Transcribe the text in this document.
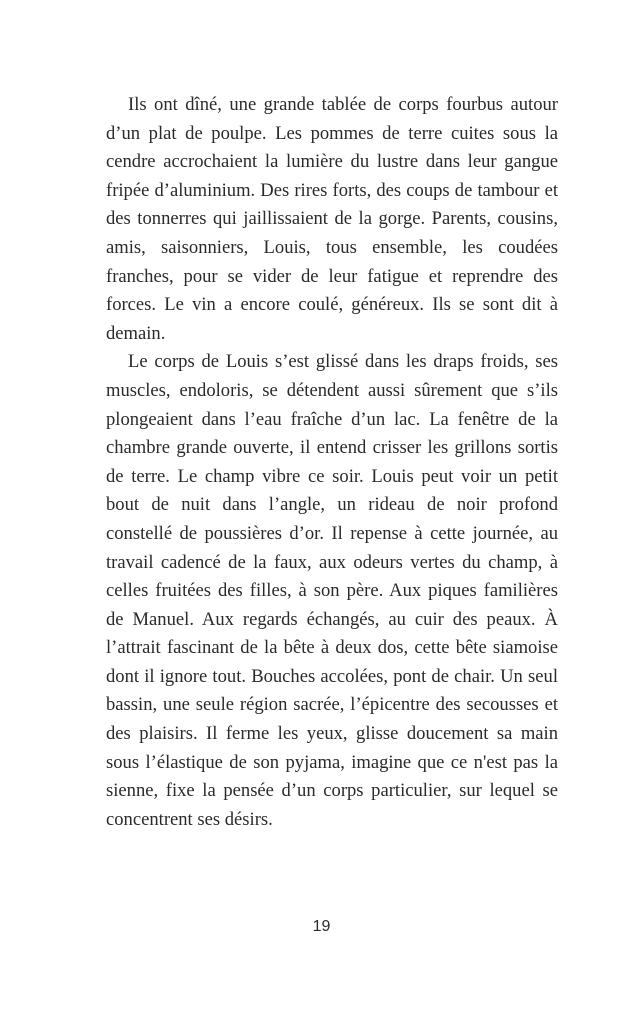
Ils ont dîné, une grande tablée de corps fourbus autour d’un plat de poulpe. Les pommes de terre cuites sous la cendre accrochaient la lumière du lustre dans leur gangue fripée d’aluminium. Des rires forts, des coups de tambour et des tonnerres qui jaillissaient de la gorge. Parents, cousins, amis, saisonniers, Louis, tous ensemble, les coudées franches, pour se vider de leur fatigue et reprendre des forces. Le vin a encore coulé, généreux. Ils se sont dit à demain.

Le corps de Louis s’est glissé dans les draps froids, ses muscles, endoloris, se détendent aussi sûrement que s’ils plongeaient dans l’eau fraîche d’un lac. La fenêtre de la chambre grande ouverte, il entend crisser les grillons sortis de terre. Le champ vibre ce soir. Louis peut voir un petit bout de nuit dans l’angle, un rideau de noir profond constellé de poussières d’or. Il repense à cette journée, au travail cadencé de la faux, aux odeurs vertes du champ, à celles fruitées des filles, à son père. Aux piques familières de Manuel. Aux regards échangés, au cuir des peaux. À l’attrait fascinant de la bête à deux dos, cette bête siamoise dont il ignore tout. Bouches accolées, pont de chair. Un seul bassin, une seule région sacrée, l’épicentre des secousses et des plaisirs. Il ferme les yeux, glisse doucement sa main sous l’élastique de son pyjama, imagine que ce n'est pas la sienne, fixe la pensée d’un corps particulier, sur lequel se concentrent ses désirs.

19
